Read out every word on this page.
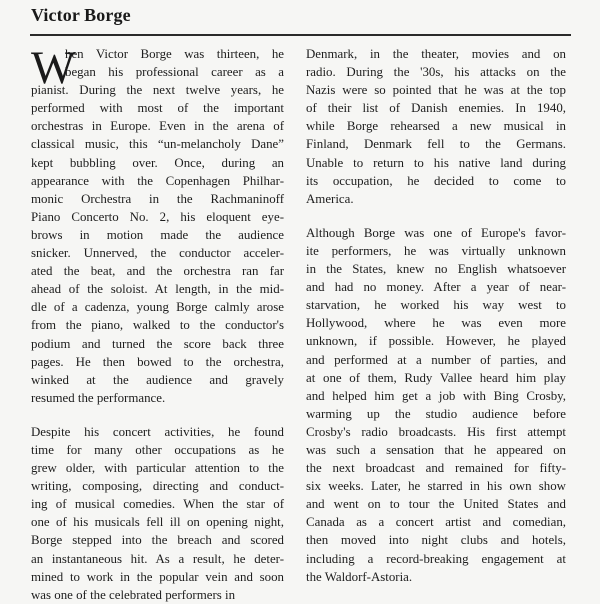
Victor Borge
W
hen Victor Borge was thirteen, he
began his professional career as a
pianist. During the next twelve years, he
performed with most of the important
orchestras in Europe. Even in the arena of
classical music, this “un-melancholy Dane”
kept bubbling over. Once, during an
appearance with the Copenhagen Philhar-
monic Orchestra in the Rachmaninoff
Piano Concerto No. 2, his eloquent eye-
brows in motion made the audience
snicker. Unnerved, the conductor acceler-
ated the beat, and the orchestra ran far
ahead of the soloist. At length, in the mid-
dle of a cadenza, young Borge calmly arose
from the piano, walked to the conductor's
podium and turned the score back three
pages. He then bowed to the orchestra,
winked at the audience and gravely
resumed the performance.
Despite his concert activities, he found
time for many other occupations as he
grew older, with particular attention to the
writing, composing, directing and conduct-
ing of musical comedies. When the star of
one of his musicals fell ill on opening night,
Borge stepped into the breach and scored
an instantaneous hit. As a result, he deter-
mined to work in the popular vein and soon
was one of the celebrated performers in
Denmark, in the theater, movies and on
radio. During the '30s, his attacks on the
Nazis were so pointed that he was at the top
of their list of Danish enemies. In 1940,
while Borge rehearsed a new musical in
Finland, Denmark fell to the Germans.
Unable to return to his native land during
its occupation, he decided to come to
America.
Although Borge was one of Europe's favor-
ite performers, he was virtually unknown
in the States, knew no English whatsoever
and had no money. After a year of near-
starvation, he worked his way west to
Hollywood, where he was even more
unknown, if possible. However, he played
and performed at a number of parties, and
at one of them, Rudy Vallee heard him play
and helped him get a job with Bing Crosby,
warming up the studio audience before
Crosby's radio broadcasts. His first attempt
was such a sensation that he appeared on
the next broadcast and remained for fifty-
six weeks. Later, he starred in his own show
and went on to tour the United States and
Canada as a concert artist and comedian,
then moved into night clubs and hotels,
including a record-breaking engagement at
the Waldorf-Astoria.
